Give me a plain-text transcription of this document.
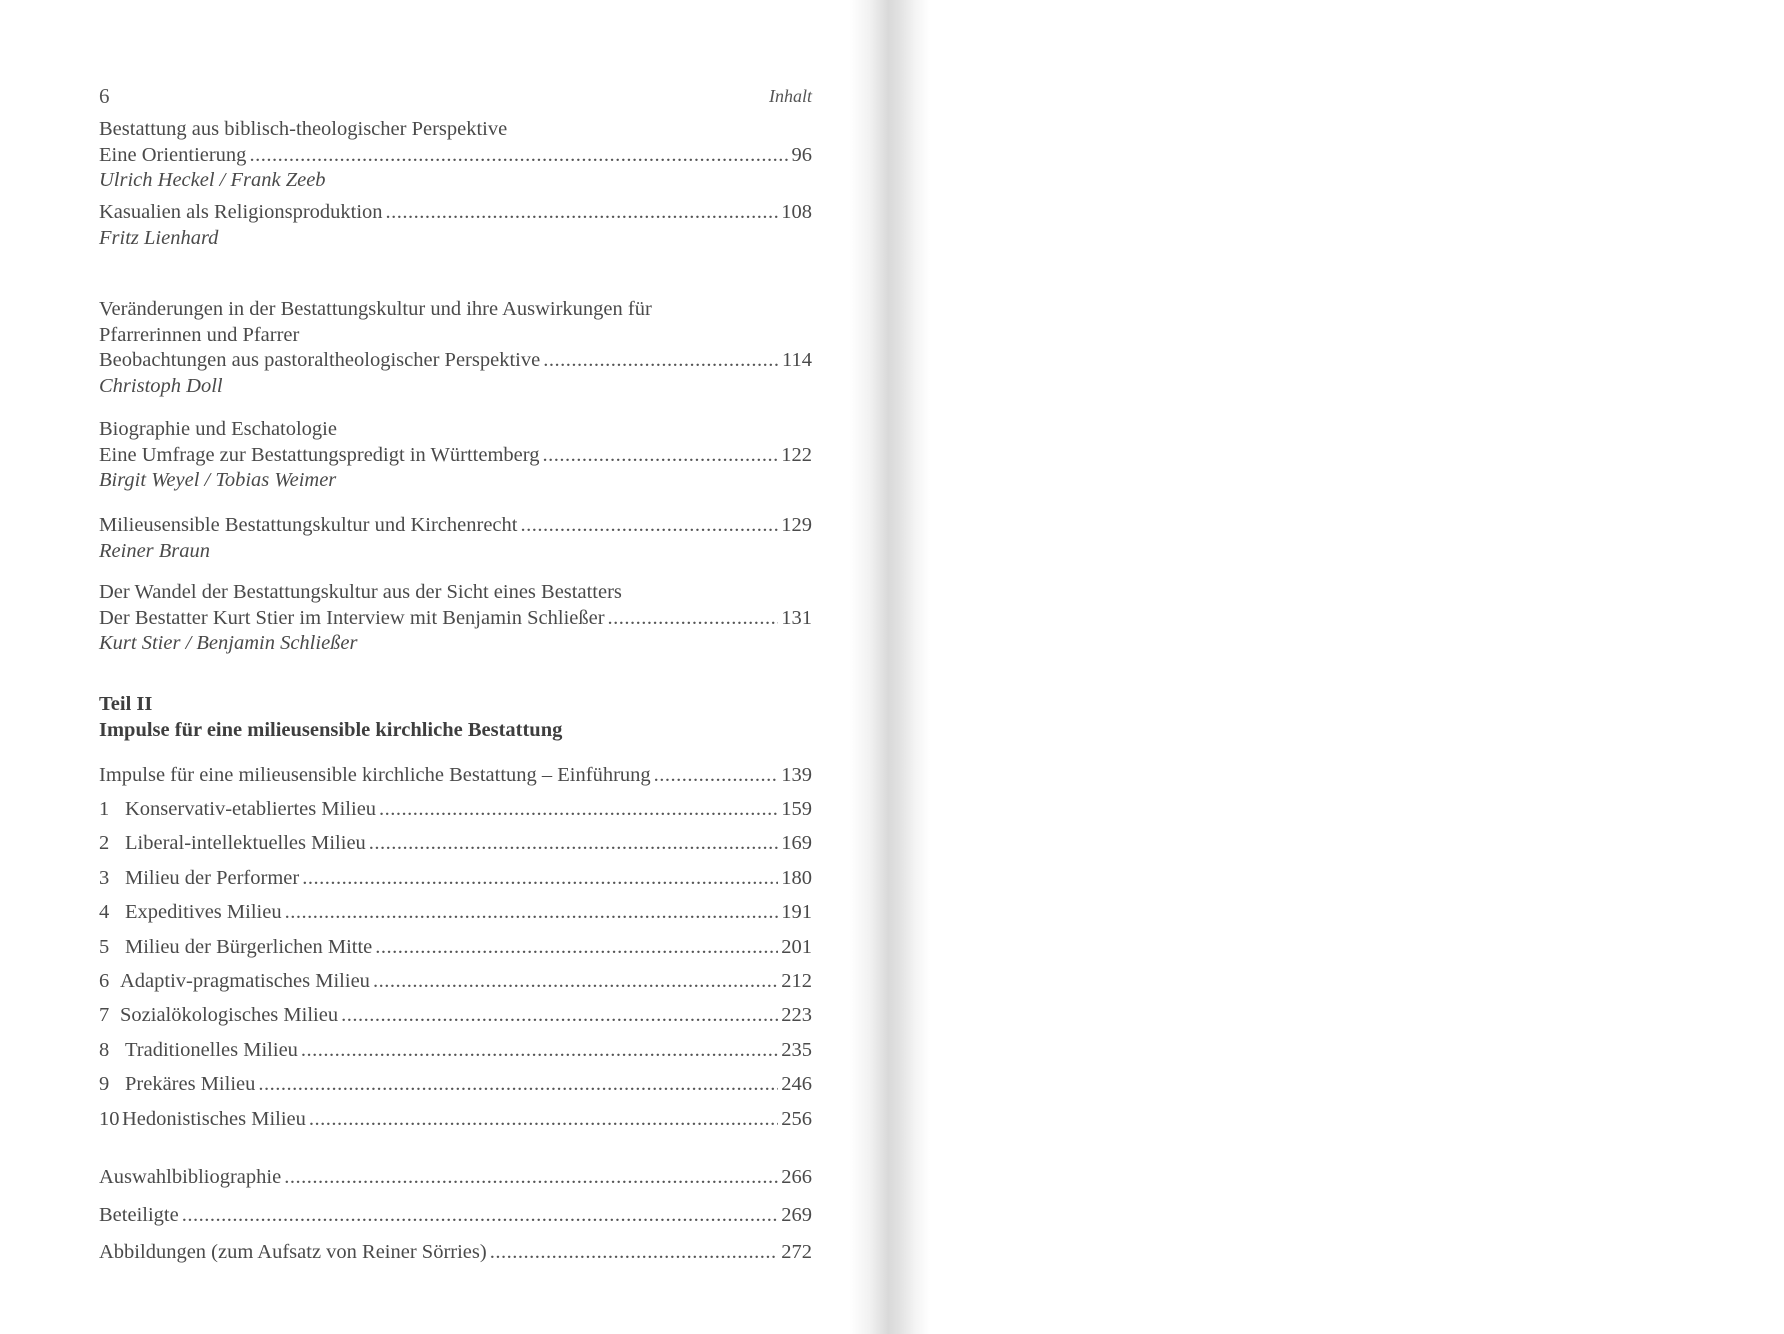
6	Inhalt
Bestattung aus biblisch-theologischer Perspektive
Eine Orientierung .....	96
Ulrich Heckel / Frank Zeeb
Kasualien als Religionsproduktion .....	108
Fritz Lienhard
Veränderungen in der Bestattungskultur und ihre Auswirkungen für
Pfarrerinnen und Pfarrer
Beobachtungen aus pastoraltheologischer Perspektive .....	114
Christoph Doll
Biographie und Eschatologie
Eine Umfrage zur Bestattungspredigt in Württemberg .....	122
Birgit Weyel / Tobias Weimer
Milieusensible Bestattungskultur und Kirchenrecht .....	129
Reiner Braun
Der Wandel der Bestattungskultur aus der Sicht eines Bestatters
Der Bestatter Kurt Stier im Interview mit Benjamin Schließer .....	131
Kurt Stier / Benjamin Schließer
Teil II
Impulse für eine milieusensible kirchliche Bestattung
Impulse für eine milieusensible kirchliche Bestattung – Einführung .....	139
1 Konservativ-etabliertes Milieu .....	159
2 Liberal-intellektuelles Milieu .....	169
3 Milieu der Performer .....	180
4 Expeditives Milieu .....	191
5 Milieu der Bürgerlichen Mitte .....	201
6 Adaptiv-pragmatisches Milieu .....	212
7 Sozialökologisches Milieu .....	223
8 Traditionelles Milieu .....	235
9 Prekäres Milieu .....	246
10 Hedonistisches Milieu .....	256
Auswahlbibliographie .....	266
Beteiligte .....	269
Abbildungen (zum Aufsatz von Reiner Sörries) .....	272
